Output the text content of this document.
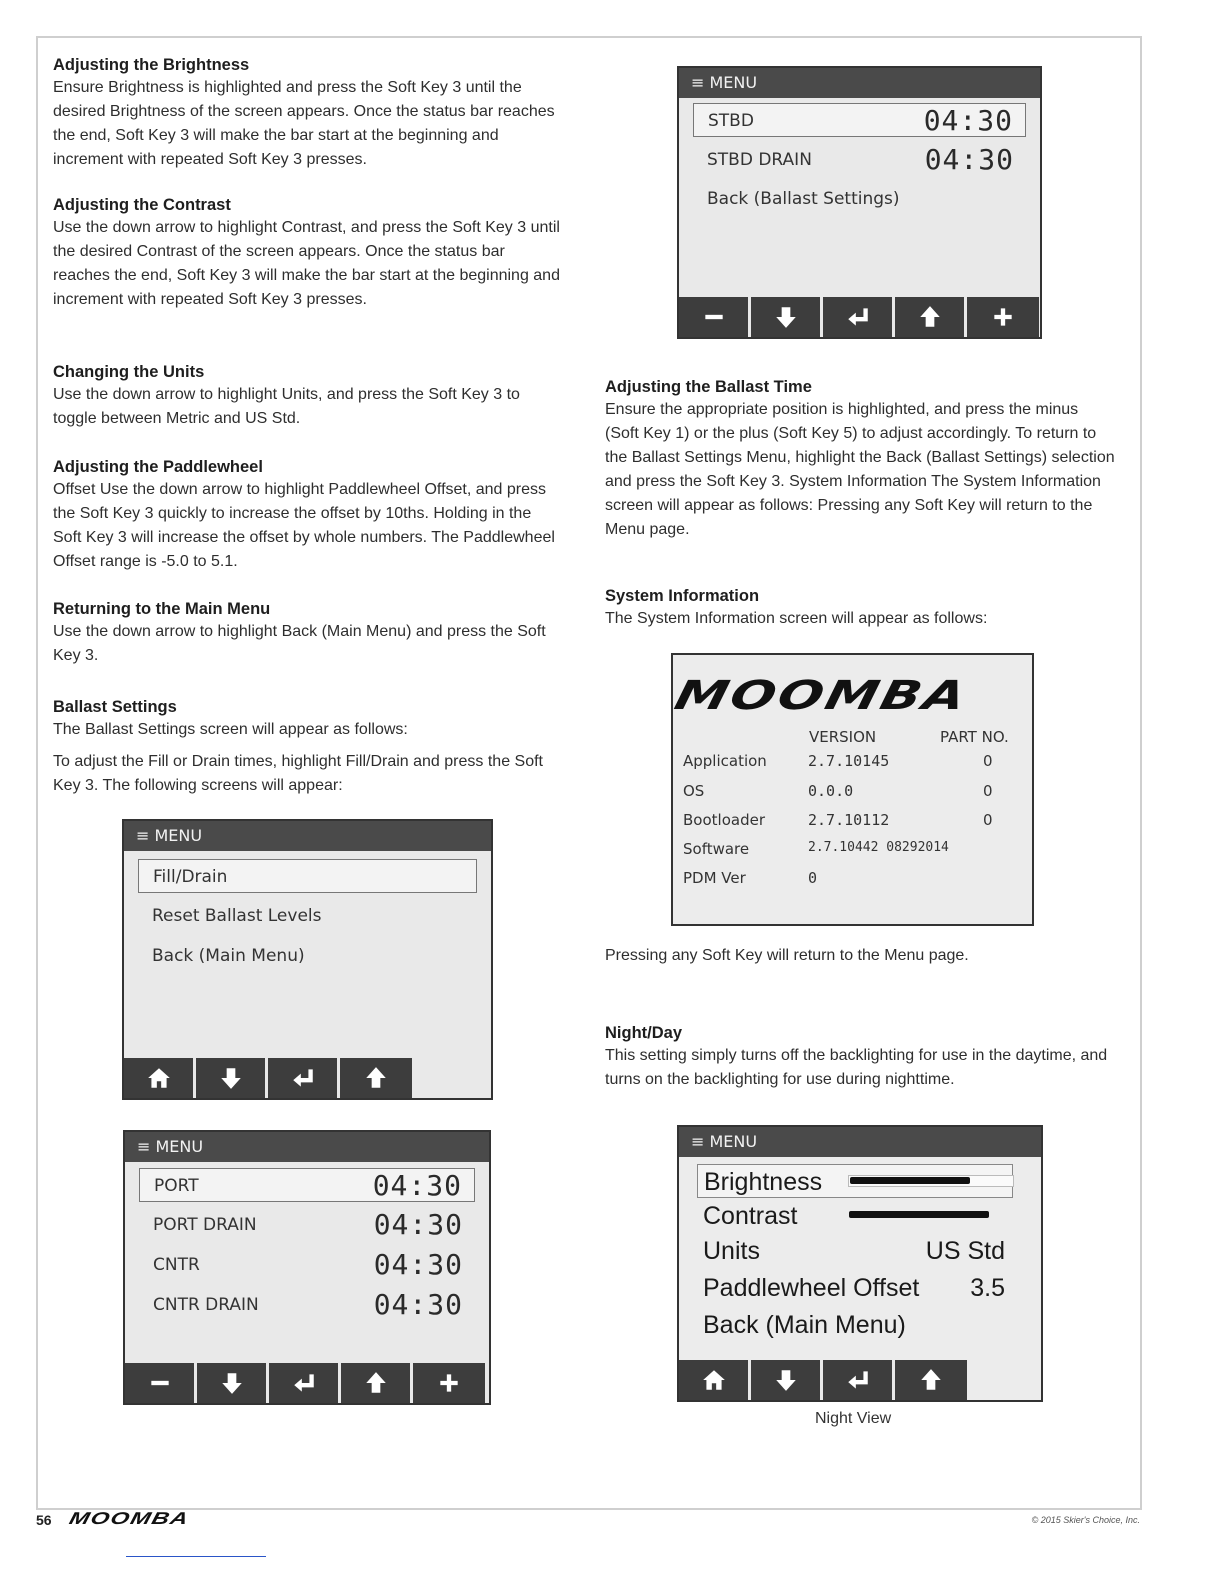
Adjusting the Brightness

Ensure Brightness is highlighted and press the Soft Key 3 until the desired Brightness of the screen appears. Once the status bar reaches the end, Soft Key 3 will make the bar start at the beginning and increment with repeated Soft Key 3 presses.

Adjusting the Contrast

Use the down arrow to highlight Contrast, and press the Soft Key 3 until the desired Contrast of the screen appears. Once the status bar reaches the end, Soft Key 3 will make the bar start at the beginning and increment with repeated Soft Key 3 presses.

Changing the Units

Use the down arrow to highlight Units, and press the Soft Key 3 to toggle between Metric and US Std.

Adjusting the Paddlewheel

Offset Use the down arrow to highlight Paddlewheel Offset, and press the Soft Key 3 quickly to increase the offset by 10ths. Holding in the Soft Key 3 will increase the offset by whole numbers. The Paddlewheel Offset range is -5.0 to 5.1.

Returning to the Main Menu

Use the down arrow to highlight Back (Main Menu) and press the Soft Key 3.

Ballast Settings

The Ballast Settings screen will appear as follows:

To adjust the Fill or Drain times, highlight Fill/Drain and press the Soft Key 3. The following screens will appear:

≡ MENU
Fill/Drain
Reset Ballast Levels
Back (Main Menu)
≡ MENU
PORT	04:30
PORT DRAIN	04:30
CNTR	04:30
CNTR DRAIN	04:30
≡ MENU
STBD	04:30
STBD DRAIN	04:30
Back (Ballast Settings)
Adjusting the Ballast Time

Ensure the appropriate position is highlighted, and press the minus (Soft Key 1) or the plus (Soft Key 5) to adjust accordingly. To return to the Ballast Settings Menu, highlight the Back (Ballast Settings) selection and press the Soft Key 3. System Information The System Information screen will appear as follows: Pressing any Soft Key will return to the Menu page.

System Information

The System Information screen will appear as follows:

MOOMBA
VERSION	PART NO.
Application	2.7.10145	0
OS	0.0.0	0
Bootloader	2.7.10112	0
Software	2.7.10442 08292014
PDM Ver	0

Pressing any Soft Key will return to the Menu page.

Night/Day

This setting simply turns off the backlighting for use in the daytime, and turns on the backlighting for use during nighttime.

≡ MENU
Brightness
Contrast
Units	US Std
Paddlewheel Offset 3.5
Back (Main Menu)
Night View
56 MOOMBA	© 2015 Skier's Choice, Inc.
